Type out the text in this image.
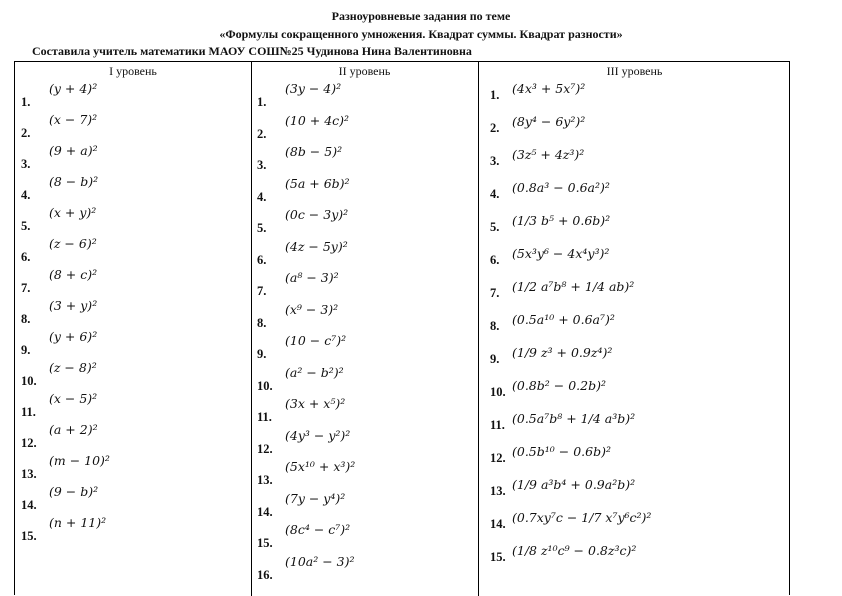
Разноуровневые задания по теме
«Формулы сокращенного умножения. Квадрат суммы. Квадрат разности»
Составила учитель математики МАОУ СОШ№25 Чудинова Нина Валентиновна
I уровень
1.
(y + 4)²
2.
(x − 7)²
3.
(9 + a)²
4.
(8 − b)²
5.
(x + y)²
6.
(z − 6)²
7.
(8 + c)²
8.
(3 + y)²
9.
(y + 6)²
10.
(z − 8)²
11.
(x − 5)²
12.
(a + 2)²
13.
(m − 10)²
14.
(9 − b)²
15.
(n + 11)²
II уровень
1.
(3y − 4)²
2.
(10 + 4c)²
3.
(8b − 5)²
4.
(5a + 6b)²
5.
(0c − 3y)²
6.
(4z − 5y)²
7.
(a⁸ − 3)²
8.
(x⁹ − 3)²
9.
(10 − c⁷)²
10.
(a² − b²)²
11.
(3x + x⁵)²
12.
(4y³ − y²)²
13.
(5x¹⁰ + x³)²
14.
(7y − y⁴)²
15.
(8c⁴ − c⁷)²
16.
(10a² − 3)²
III уровень
1. (4x³ + 5x⁷)²
2. (8y⁴ − 6y²)²
3. (3z⁵ + 4z³)²
4. (0.8a³ − 0.6a²)²
5. (1/3 b⁵ + 0.6b)²
6. (5x³y⁶ − 4x⁴y³)²
7. (1/2 a⁷b⁸ + 1/4 ab)²
8. (0.5a¹⁰ + 0.6a⁷)²
9. (1/9 z³ + 0.9z⁴)²
10. (0.8b² − 0.2b)²
11. (0.5a⁷b⁸ + 1/4 a³b)²
12. (0.5b¹⁰ − 0.6b)²
13. (1/9 a³b⁴ + 0.9a²b)²
14. (0.7xy⁷c − 1/7 x⁷y⁶c²)²
15. (1/8 z¹⁰c⁹ − 0.8z³c)²
